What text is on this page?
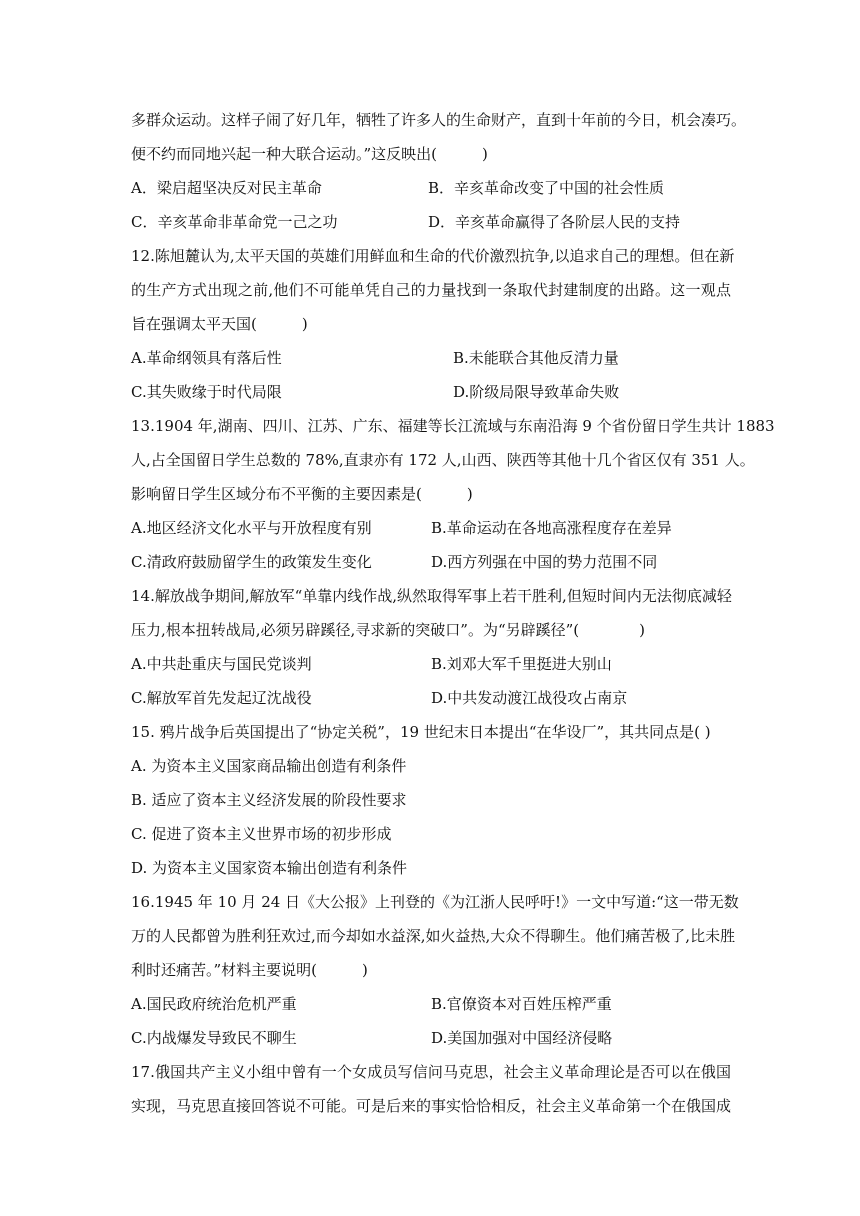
多群众运动。这样子闹了好几年，牺牲了许多人的生命财产，直到十年前的今日，机会凑巧。
便不约而同地兴起一种大联合运动。”这反映出(　　　)
A．梁启超坚决反对民主革命	B．辛亥革命改变了中国的社会性质
C．辛亥革命非革命党一己之功	D．辛亥革命赢得了各阶层人民的支持
12.陈旭麓认为,太平天国的英雄们用鲜血和生命的代价激烈抗争,以追求自己的理想。但在新
的生产方式出现之前,他们不可能单凭自己的力量找到一条取代封建制度的出路。这一观点
旨在强调太平天国(　　　)
A.革命纲领具有落后性	B.未能联合其他反清力量
C.其失败缘于时代局限	D.阶级局限导致革命失败
13.1904 年,湖南、四川、江苏、广东、福建等长江流域与东南沿海 9 个省份留日学生共计 1883
人,占全国留日学生总数的 78%,直隶亦有 172 人,山西、陕西等其他十几个省区仅有 351 人。
影响留日学生区域分布不平衡的主要因素是(　　　)
A.地区经济文化水平与开放程度有别	B.革命运动在各地高涨程度存在差异
C.清政府鼓励留学生的政策发生变化	D.西方列强在中国的势力范围不同
14.解放战争期间,解放军“单靠内线作战,纵然取得军事上若干胜利,但短时间内无法彻底减轻
压力,根本扭转战局,必须另辟蹊径,寻求新的突破口”。为“另辟蹊径”(　　　　)
A.中共赴重庆与国民党谈判	B.刘邓大军千里挺进大别山
C.解放军首先发起辽沈战役	D.中共发动渡江战役攻占南京
15. 鸦片战争后英国提出了“协定关税”，19 世纪末日本提出“在华设厂”，其共同点是( )
A. 为资本主义国家商品输出创造有利条件
B. 适应了资本主义经济发展的阶段性要求
C. 促进了资本主义世界市场的初步形成
D. 为资本主义国家资本输出创造有利条件
16.1945 年 10 月 24 日《大公报》上刊登的《为江浙人民呼吁!》一文中写道:“这一带无数
万的人民都曾为胜利狂欢过,而今却如水益深,如火益热,大众不得聊生。他们痛苦极了,比未胜
利时还痛苦。”材料主要说明(　　　)
A.国民政府统治危机严重	B.官僚资本对百姓压榨严重
C.内战爆发导致民不聊生	D.美国加强对中国经济侵略
17.俄国共产主义小组中曾有一个女成员写信问马克思，社会主义革命理论是否可以在俄国
实现，马克思直接回答说不可能。可是后来的事实恰恰相反，社会主义革命第一个在俄国成
